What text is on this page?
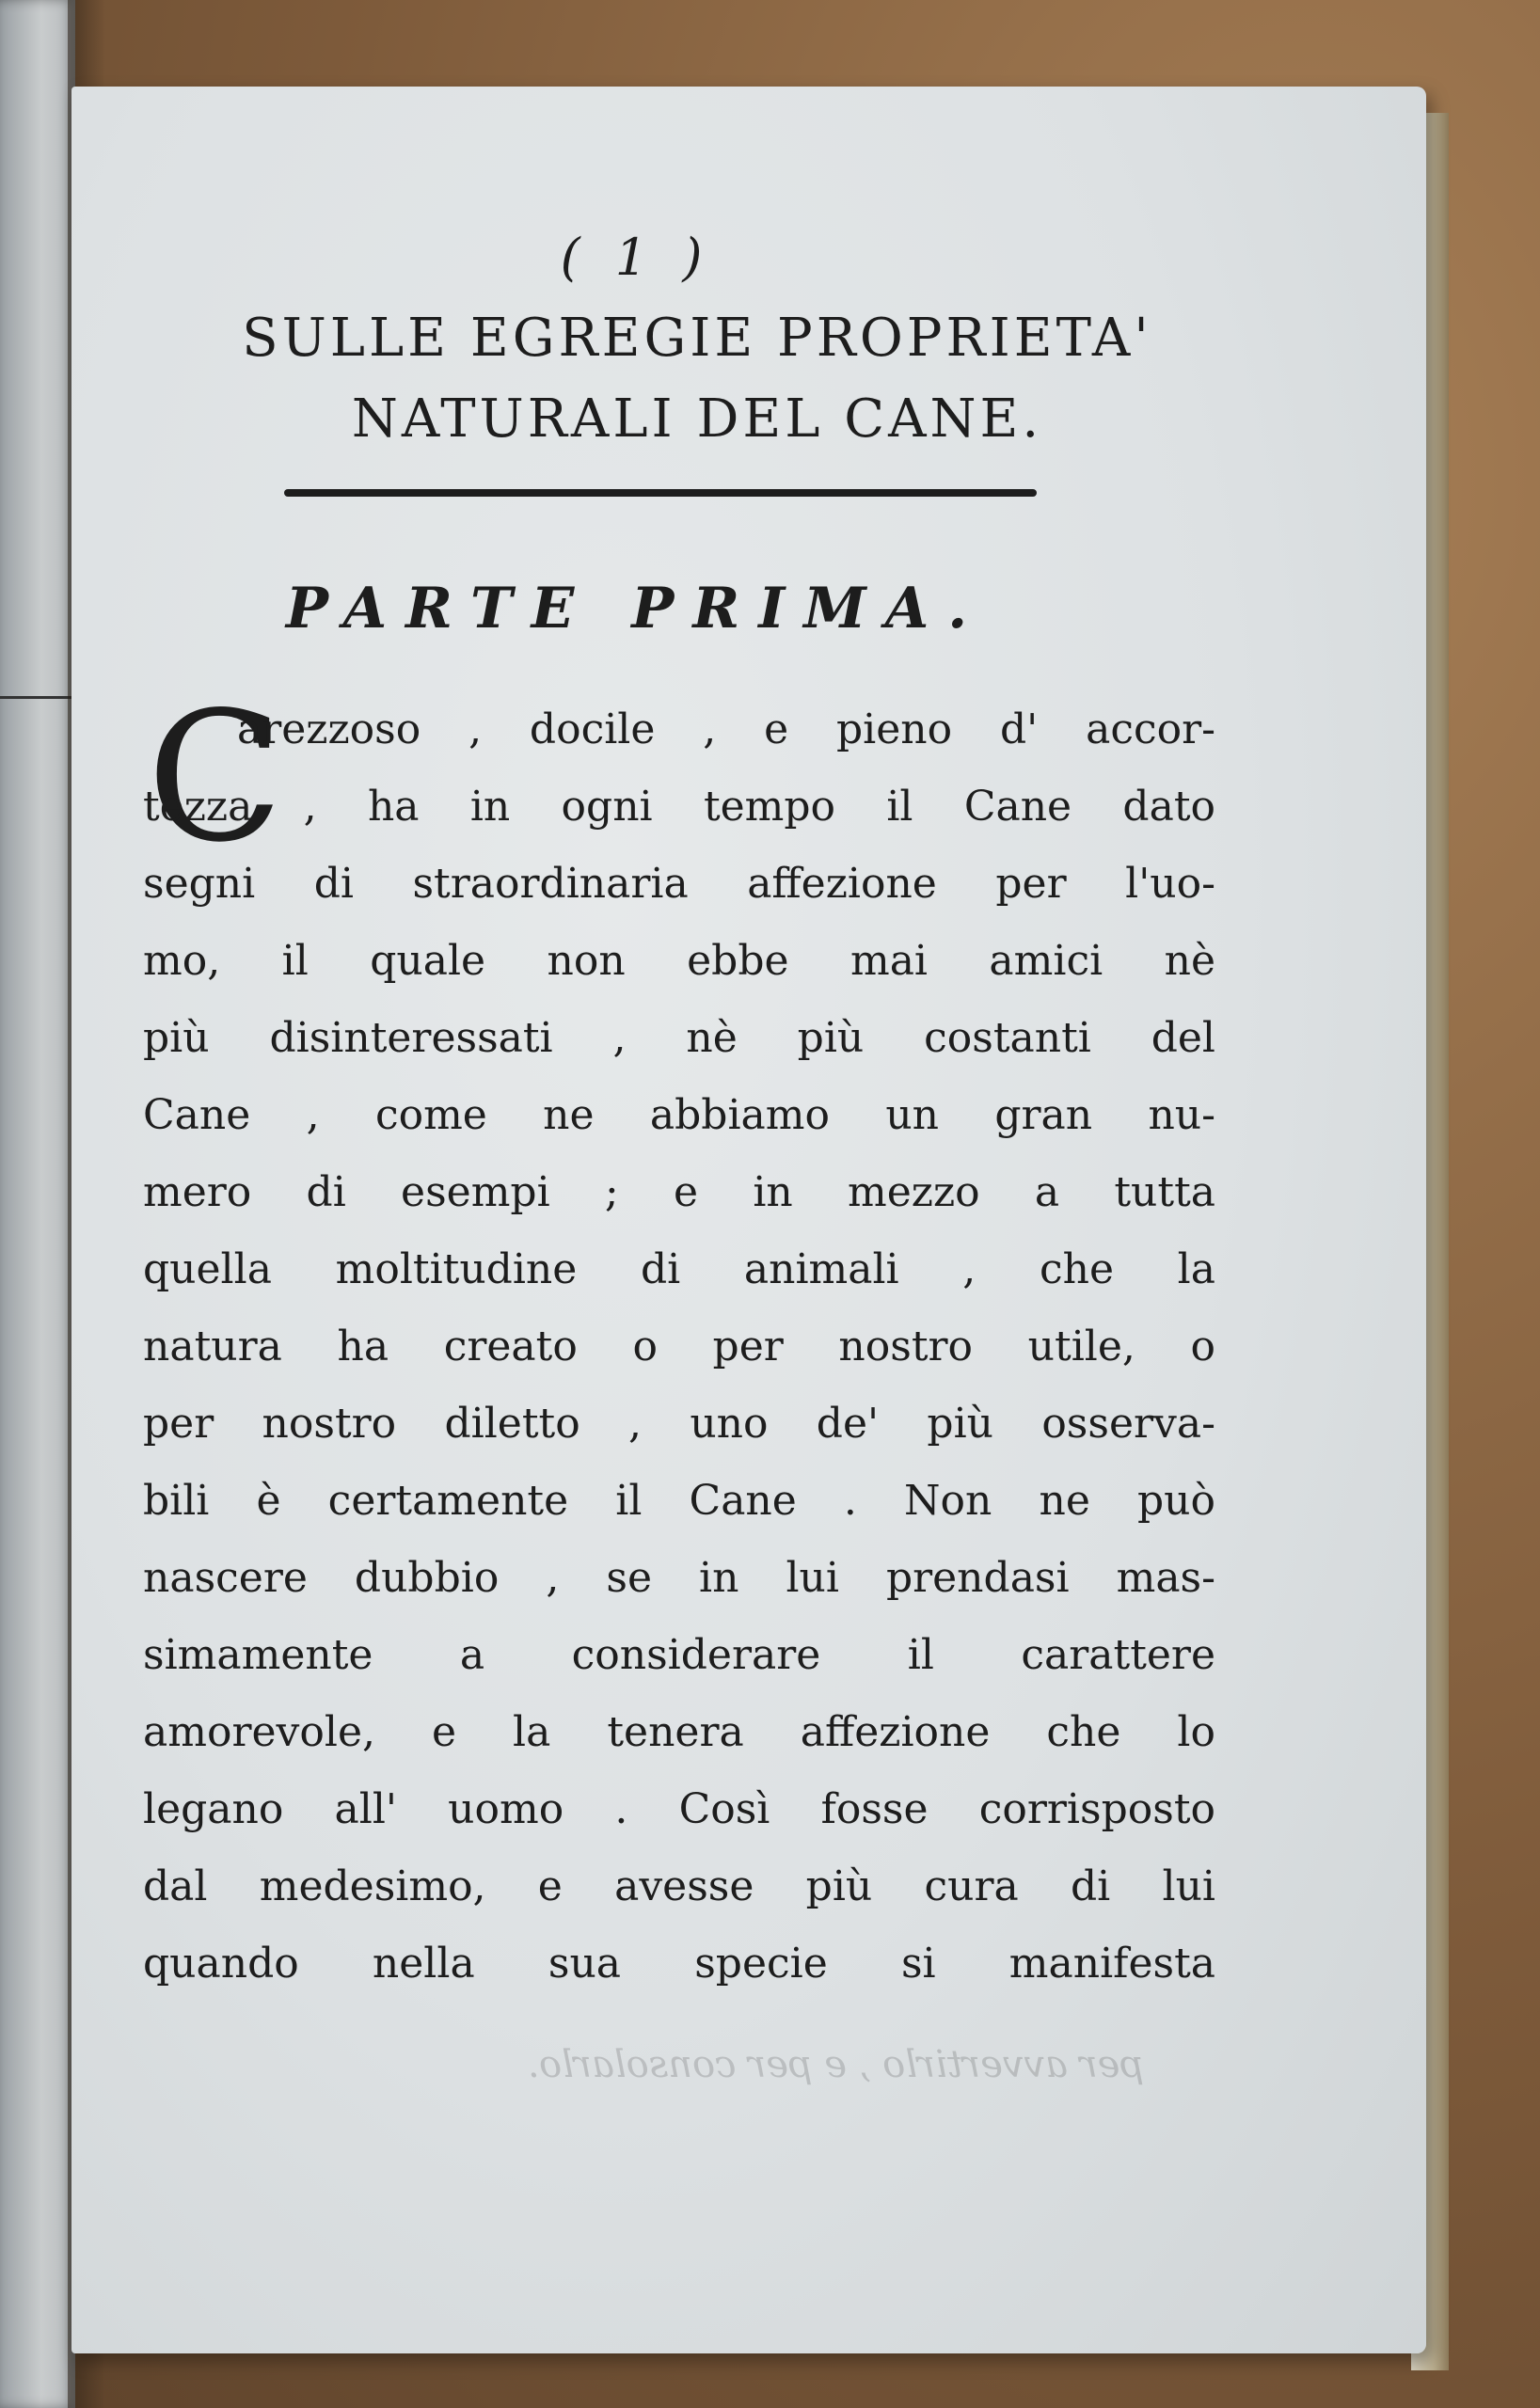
( 1 )
SULLE EGREGIE PROPRIETA'
NATURALI DEL CANE.
PARTE PRIMA.
C
arezzoso , docile , e pieno d' accor-
tezza , ha in ogni tempo il Cane dato
segni di straordinaria affezione per l'uo-
mo, il quale non ebbe mai amici nè
più disinteressati , nè più costanti del
Cane , come ne abbiamo un gran nu-
mero di esempi ; e in mezzo a tutta
quella moltitudine di animali , che la
natura ha creato o per nostro utile, o
per nostro diletto , uno de' più osserva-
bili è certamente il Cane . Non ne può
nascere dubbio , se in lui prendasi mas-
simamente a considerare il carattere
amorevole, e la tenera affezione che lo
legano all' uomo . Così fosse corrisposto
dal medesimo, e avesse più cura di lui
quando nella sua specie si manifesta
per avvertirlo , e per consolarlo.
